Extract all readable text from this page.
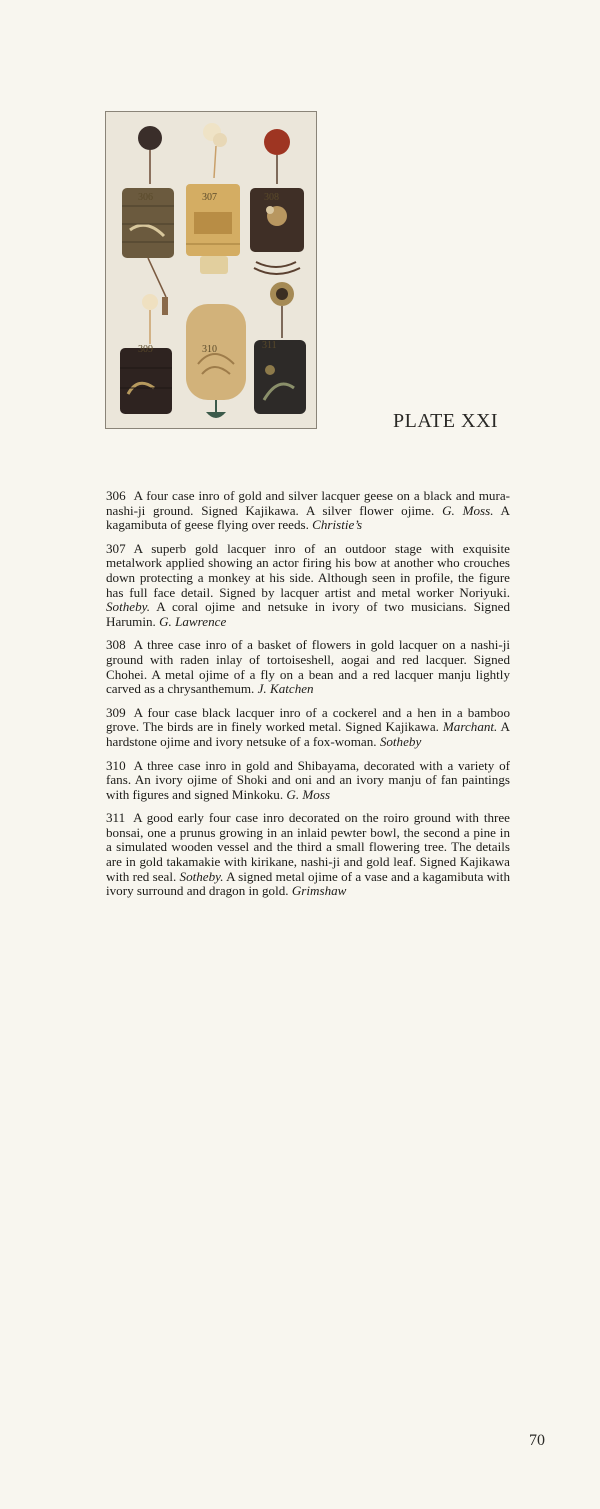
306	307	308
309	310	311
PLATE XXI
306 A four case inro of gold and silver lacquer geese on a black and mura-nashi-ji ground. Signed Kajikawa. A silver flower ojime. G. Moss. A kagamibuta of geese flying over reeds. Christie’s
307 A superb gold lacquer inro of an outdoor stage with exquisite metalwork applied showing an actor firing his bow at another who crouches down protecting a monkey at his side. Although seen in profile, the figure has full face detail. Signed by lacquer artist and metal worker Noriyuki. Sotheby. A coral ojime and netsuke in ivory of two musicians. Signed Harumin. G. Lawrence
308 A three case inro of a basket of flowers in gold lacquer on a nashi-ji ground with raden inlay of tortoiseshell, aogai and red lacquer. Signed Chohei. A metal ojime of a fly on a bean and a red lacquer manju lightly carved as a chrysanthemum. J. Katchen
309 A four case black lacquer inro of a cockerel and a hen in a bamboo grove. The birds are in finely worked metal. Signed Kajikawa. Marchant. A hardstone ojime and ivory netsuke of a fox-woman. Sotheby
310 A three case inro in gold and Shibayama, decorated with a variety of fans. An ivory ojime of Shoki and oni and an ivory manju of fan paintings with figures and signed Minkoku. G. Moss
311 A good early four case inro decorated on the roiro ground with three bonsai, one a prunus growing in an inlaid pewter bowl, the second a pine in a simulated wooden vessel and the third a small flowering tree. The details are in gold takamakie with kirikane, nashi-ji and gold leaf. Signed Kajikawa with red seal. Sotheby. A signed metal ojime of a vase and a kagamibuta with ivory surround and dragon in gold. Grimshaw
70
